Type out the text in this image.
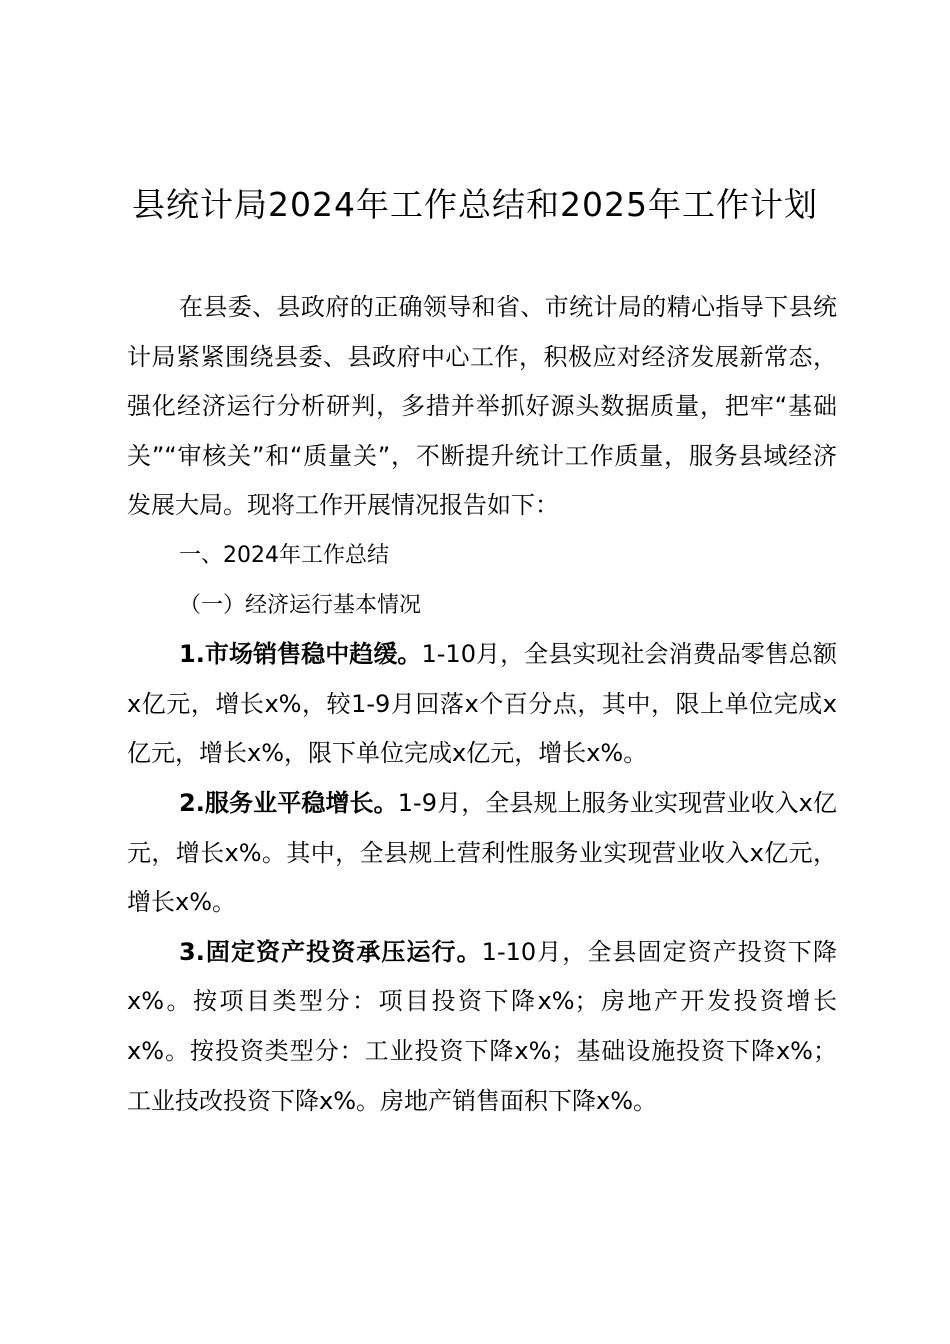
县统计局2024年工作总结和2025年工作计划

在县委、县政府的正确领导和省、市统计局的精心指导下县统计局紧紧围绕县委、县政府中心工作，积极应对经济发展新常态，强化经济运行分析研判，多措并举抓好源头数据质量，把牢“基础关”“审核关”和“质量关”，不断提升统计工作质量，服务县域经济发展大局。现将工作开展情况报告如下：

一、2024年工作总结

（一）经济运行基本情况

1.市场销售稳中趋缓。1-10月，全县实现社会消费品零售总额x亿元，增长x%，较1-9月回落x个百分点，其中，限上单位完成x亿元，增长x%，限下单位完成x亿元，增长x%。

2.服务业平稳增长。1-9月，全县规上服务业实现营业收入x亿元，增长x%。其中，全县规上营利性服务业实现营业收入x亿元，增长x%。

3.固定资产投资承压运行。1-10月，全县固定资产投资下降x%。按项目类型分：项目投资下降x%；房地产开发投资增长x%。按投资类型分：工业投资下降x%；基础设施投资下降x%；工业技改投资下降x%。房地产销售面积下降x%。
